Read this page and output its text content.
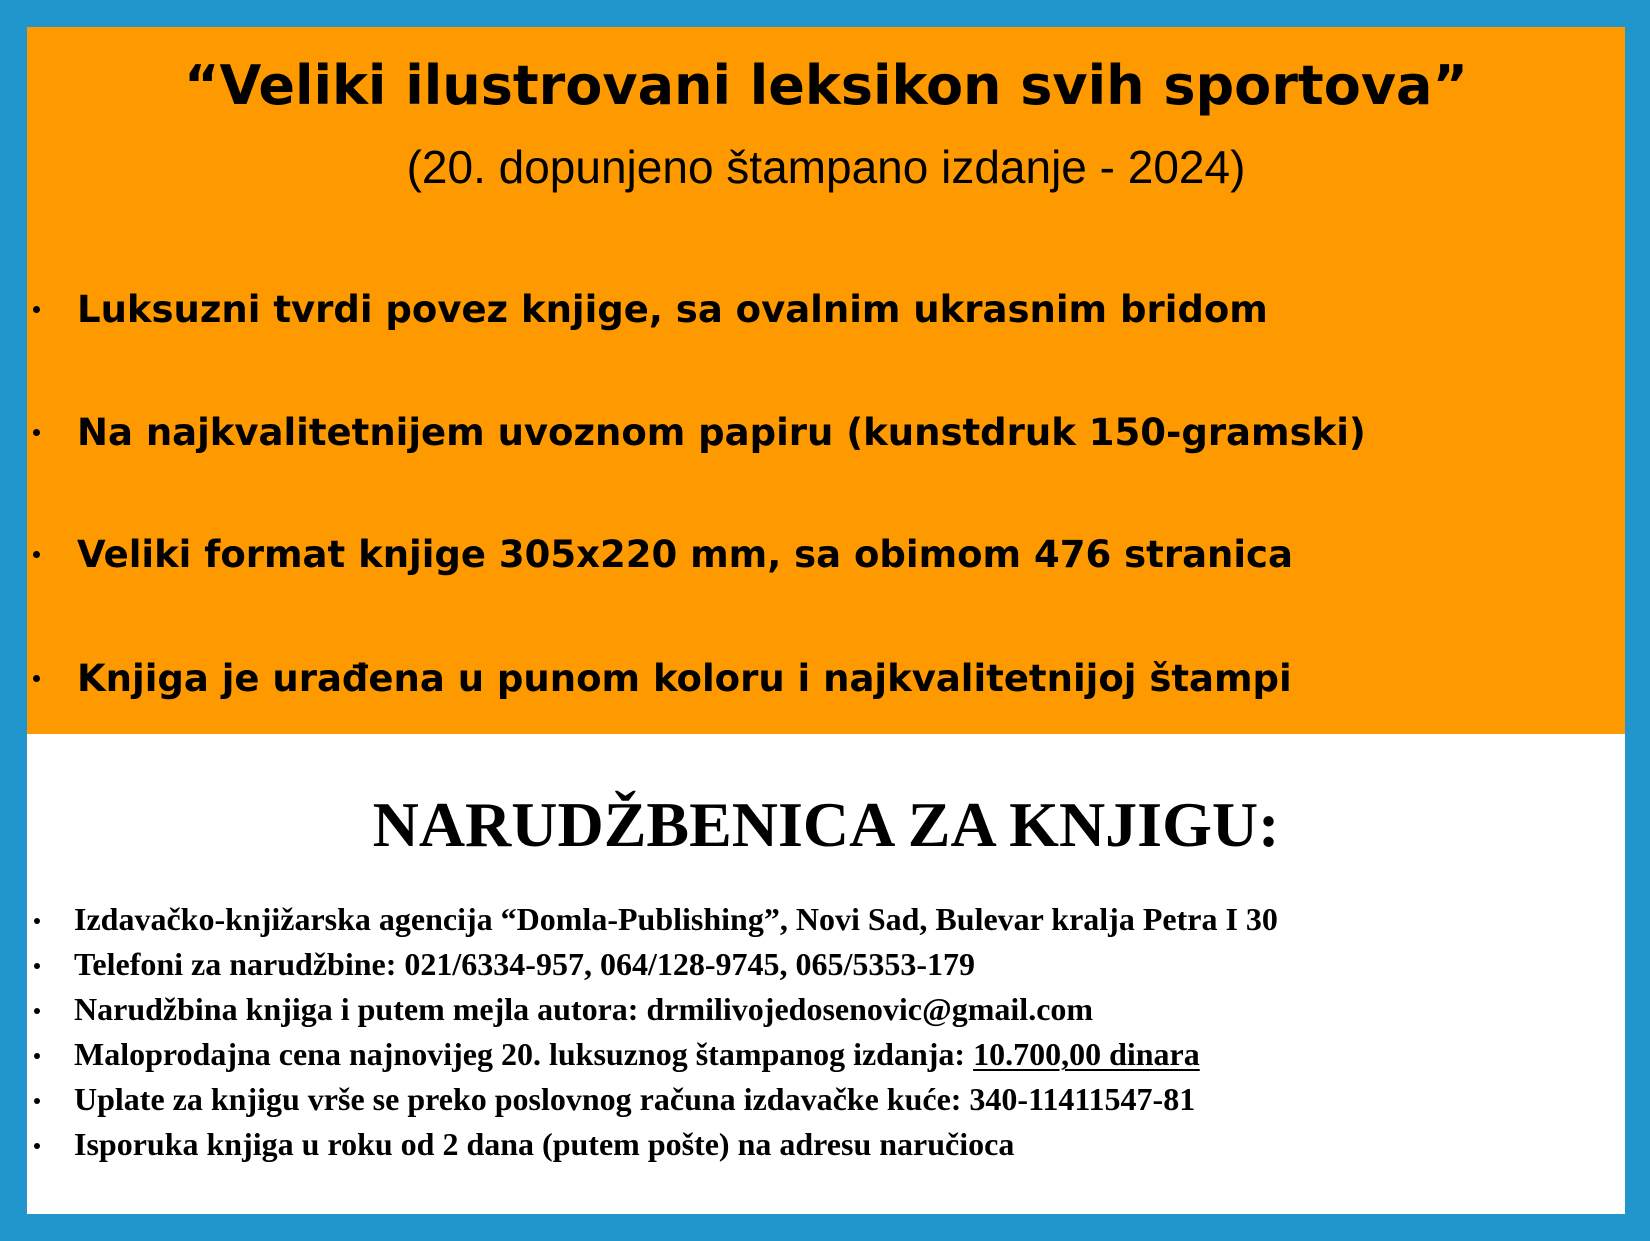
“Veliki ilustrovani leksikon svih sportova”
(20. dopunjeno štampano izdanje - 2024)
Luksuzni tvrdi povez knjige, sa ovalnim ukrasnim bridom
Na najkvalitetnijem uvoznom papiru (kunstdruk 150-gramski)
Veliki format knjige 305x220 mm, sa obimom 476 stranica
Knjiga je urađena u punom koloru i najkvalitetnijoj štampi
NARUDŽBENICA ZA KNJIGU:
Izdavačko-knjižarska agencija “Domla-Publishing”, Novi Sad, Bulevar kralja Petra I 30
Telefoni za narudžbine: 021/6334-957, 064/128-9745, 065/5353-179
Narudžbina knjiga i putem mejla autora: drmilivojedosenovic@gmail.com
Maloprodajna cena najnovijeg 20. luksuznog štampanog izdanja: 10.700,00 dinara
Uplate za knjigu vrše se preko poslovnog računa izdavačke kuće: 340-11411547-81
Isporuka knjiga u roku od 2 dana (putem pošte) na adresu naručioca
